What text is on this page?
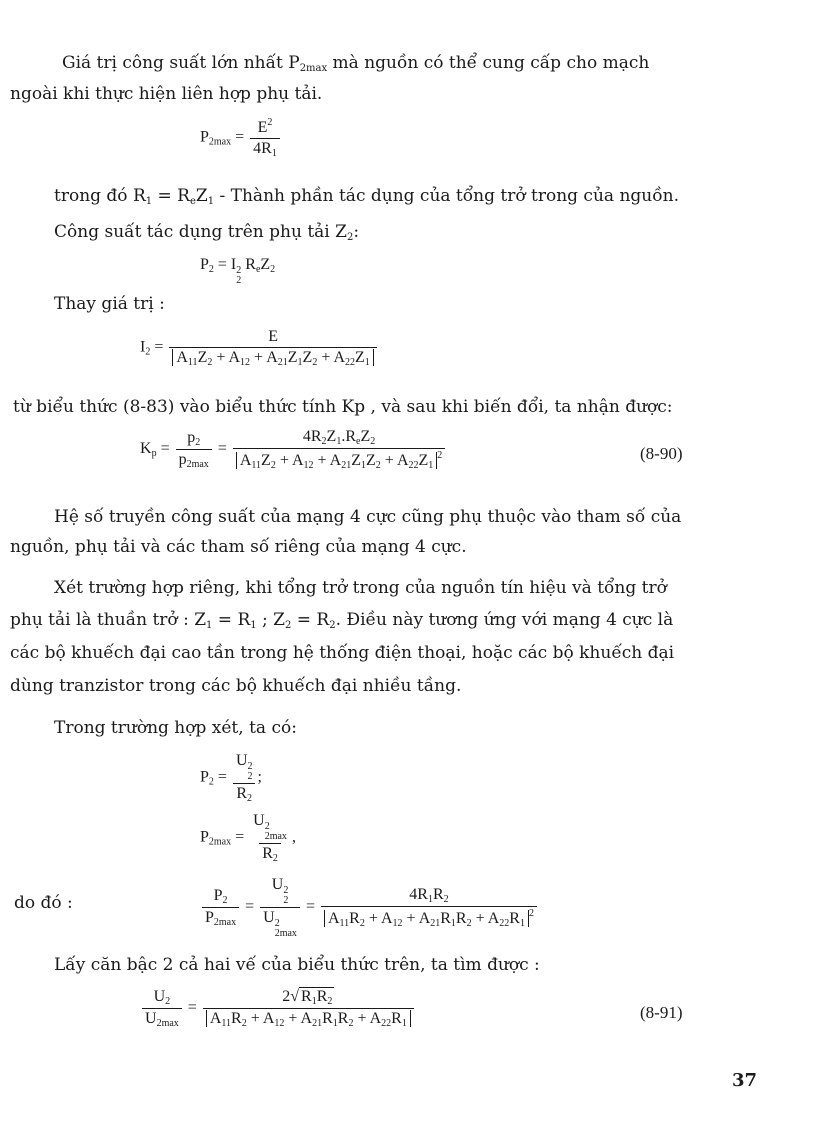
Giá trị công suất lớn nhất $P_{2max}$ mà nguồn có thể cung cấp cho mạch
ngoài khi thực hiện liên hợp phụ tải.
$P_{2max} = \frac{E^2}{4R_1}$
trong đó $R_1 = R_eZ_1$ - Thành phần tác dụng của tổng trở trong của nguồn.
Công suất tác dụng trên phụ tải $Z_2$:
$P_2 = I$ 2
2
$R_eZ_2$
Thay giá trị :
$I_2 = \frac{E}{A_{11}Z_2 + A_{12} + A_{21}Z_1Z_2 + A_{22}Z_1}$
từ biểu thức (8-83) vào biểu thức tính Kp , và sau khi biến đổi, ta nhận được:
$K_p = \frac{p_2}{p_{2max}} = \frac{4R_2Z_1.R_eZ_2}{A_{11}Z_2 + A_{12} + A_{21}Z_1Z_2 + A_{22}Z_1^2}$	(8-90)
Hệ số truyền công suất của mạng 4 cực cũng phụ thuộc vào tham số của
nguồn, phụ tải và các tham số riêng của mạng 4 cực.
Xét trường hợp riêng, khi tổng trở trong của nguồn tín hiệu và tổng trở
phụ tải là thuần trở : $Z_1 = R_1$ ; $Z_2 = R_2$. Điều này tương ứng với mạng 4 cực là
các bộ khuếch đại cao tần trong hệ thống điện thoại, hoặc các bộ khuếch đại
dùng tranzistor trong các bộ khuếch đại nhiều tầng.
Trong trường hợp xét, ta có:
$P_2 = U$ 2
2
$R_2$ ;
$P_{2max} = U$ 2
2max
$R_2$ ,
do đó :	$\frac{P_2}{P_{2max}} = U$ 2
2
U 2
$2\max = \frac{4R_1R_2}{A_{11}R_2 + A_{12} + A_{21}R_1R_2 + A_{22}R_1^2}$
Lấy căn bậc 2 cả hai vế của biểu thức trên, ta tìm được :
$\frac{U_2}{U_{2max}} = \frac{2√ R_1R_2}{A_{11}R_2 + A_{12} + A_{21}R_1R_2 + A_{22}R_1}$	(8-91)
37
